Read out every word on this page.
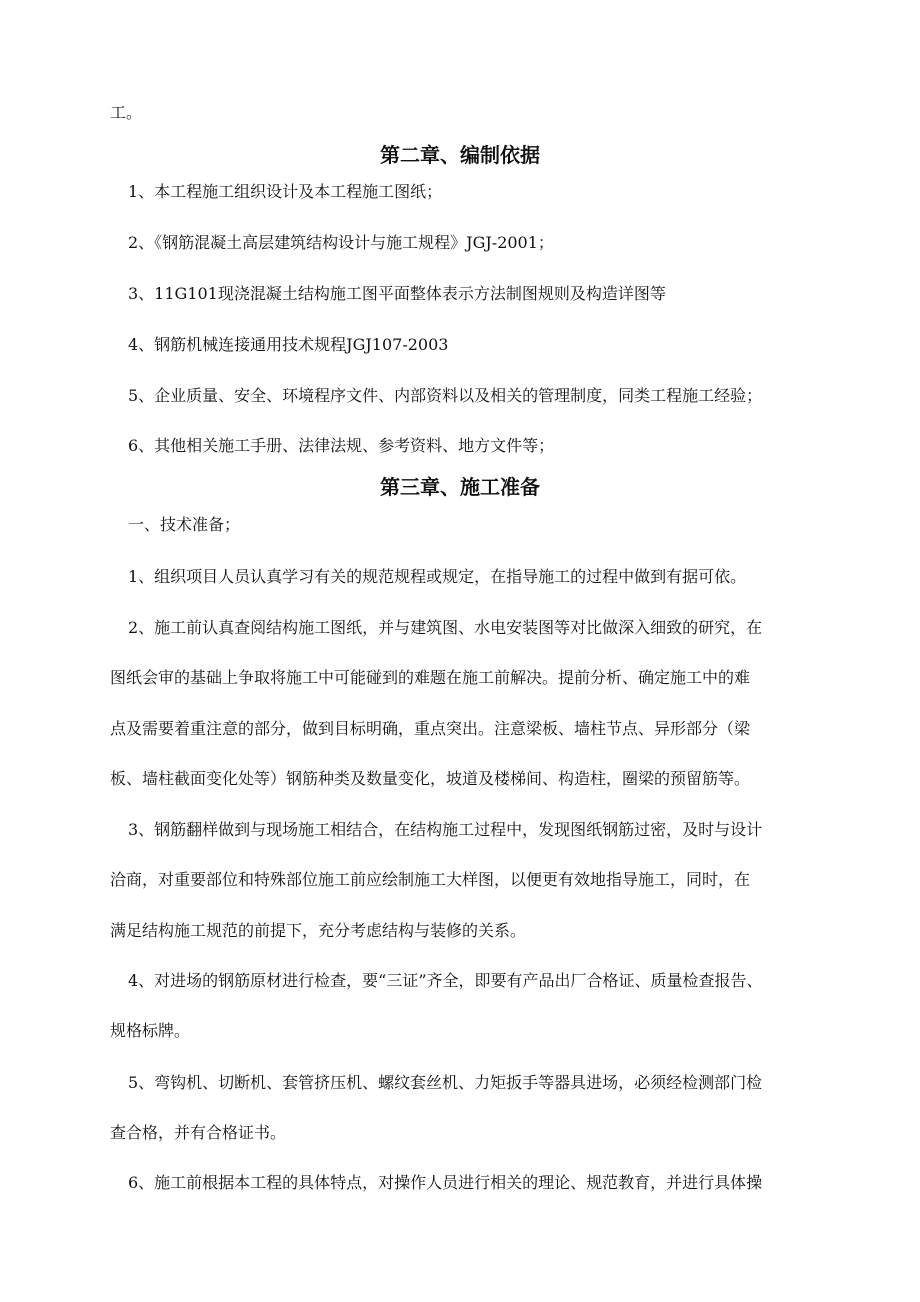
工。
第二章、编制依据
1、本工程施工组织设计及本工程施工图纸；
2、《钢筋混凝土高层建筑结构设计与施工规程》JGJ-2001；
3、11G101现浇混凝土结构施工图平面整体表示方法制图规则及构造详图等
4、钢筋机械连接通用技术规程JGJ107-2003
5、企业质量、安全、环境程序文件、内部资料以及相关的管理制度，同类工程施工经验；
6、其他相关施工手册、法律法规、参考资料、地方文件等；
第三章、施工准备
一、技术准备；
1、组织项目人员认真学习有关的规范规程或规定，在指导施工的过程中做到有据可依。
2、施工前认真查阅结构施工图纸，并与建筑图、水电安装图等对比做深入细致的研究，在
图纸会审的基础上争取将施工中可能碰到的难题在施工前解决。提前分析、确定施工中的难
点及需要着重注意的部分，做到目标明确，重点突出。注意梁板、墙柱节点、异形部分（梁
板、墙柱截面变化处等）钢筋种类及数量变化，坡道及楼梯间、构造柱，圈梁的预留筋等。
3、钢筋翻样做到与现场施工相结合，在结构施工过程中，发现图纸钢筋过密，及时与设计
洽商，对重要部位和特殊部位施工前应绘制施工大样图，以便更有效地指导施工，同时，在
满足结构施工规范的前提下，充分考虑结构与装修的关系。
4、对进场的钢筋原材进行检查，要“三证”齐全，即要有产品出厂合格证、质量检查报告、
规格标牌。
5、弯钩机、切断机、套管挤压机、螺纹套丝机、力矩扳手等器具进场，必须经检测部门检
查合格，并有合格证书。
6、施工前根据本工程的具体特点，对操作人员进行相关的理论、规范教育，并进行具体操
